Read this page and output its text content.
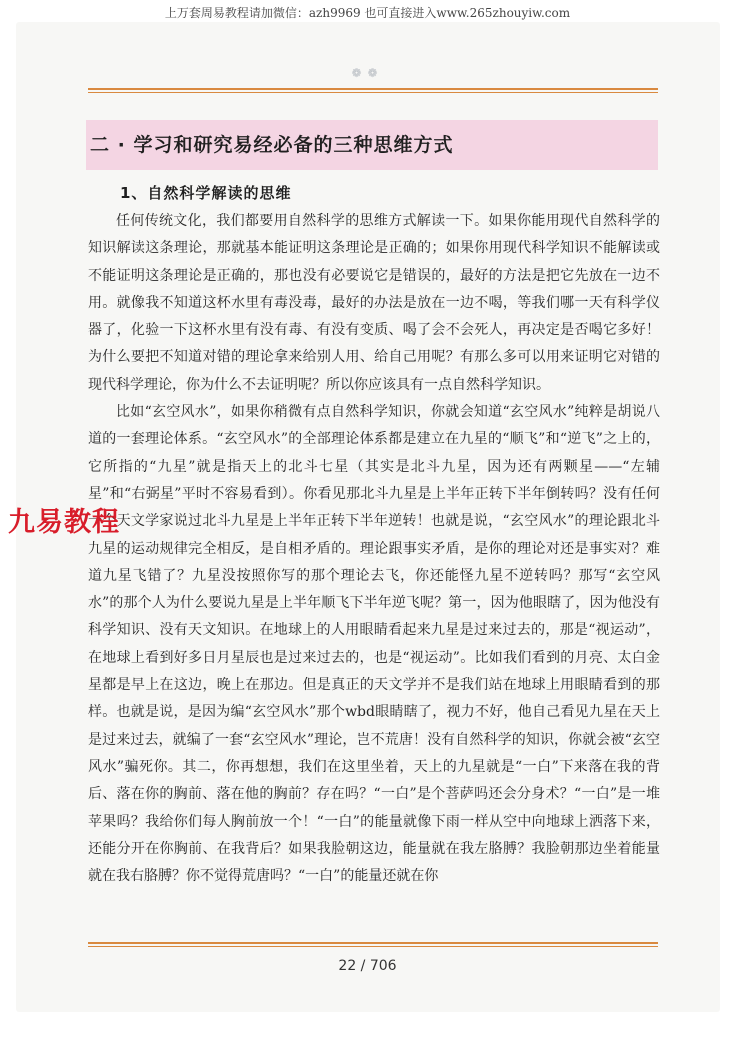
上万套周易教程请加微信：azh9969 也可直接进入www.265zhouyiw.com
❁❁
二 · 学习和研究易经必备的三种思维方式
1、自然科学解读的思维

任何传统文化，我们都要用自然科学的思维方式解读一下。如果你能用现代自然科学的知识解读这条理论，那就基本能证明这条理论是正确的；如果你用现代科学知识不能解读或不能证明这条理论是正确的，那也没有必要说它是错误的，最好的方法是把它先放在一边不用。就像我不知道这杯水里有毒没毒，最好的办法是放在一边不喝，等我们哪一天有科学仪器了，化验一下这杯水里有没有毒、有没有变质、喝了会不会死人，再决定是否喝它多好！为什么要把不知道对错的理论拿来给别人用、给自己用呢？有那么多可以用来证明它对错的现代科学理论，你为什么不去证明呢？所以你应该具有一点自然科学知识。

比如“玄空风水”，如果你稍微有点自然科学知识，你就会知道“玄空风水”纯粹是胡说八道的一套理论体系。“玄空风水”的全部理论体系都是建立在九星的“顺飞”和“逆飞”之上的，它所指的“九星”就是指天上的北斗七星（其实是北斗九星，因为还有两颗星——“左辅星”和“右弼星”平时不容易看到）。你看见那北斗九星是上半年正转下半年倒转吗？没有任何一个天文学家说过北斗九星是上半年正转下半年逆转！也就是说，“玄空风水”的理论跟北斗九星的运动规律完全相反，是自相矛盾的。理论跟事实矛盾，是你的理论对还是事实对？难道九星飞错了？九星没按照你写的那个理论去飞，你还能怪九星不逆转吗？那写“玄空风水”的那个人为什么要说九星是上半年顺飞下半年逆飞呢？第一，因为他眼瞎了，因为他没有科学知识、没有天文知识。在地球上的人用眼睛看起来九星是过来过去的，那是“视运动”，在地球上看到好多日月星辰也是过来过去的，也是“视运动”。比如我们看到的月亮、太白金星都是早上在这边，晚上在那边。但是真正的天文学并不是我们站在地球上用眼睛看到的那样。也就是说，是因为编“玄空风水”那个wbd眼睛瞎了，视力不好，他自己看见九星在天上是过来过去，就编了一套“玄空风水”理论，岂不荒唐！没有自然科学的知识，你就会被“玄空风水”骗死你。其二，你再想想，我们在这里坐着，天上的九星就是“一白”下来落在我的背后、落在你的胸前、落在他的胸前？存在吗？“一白”是个菩萨吗还会分身术？“一白”是一堆苹果吗？我给你们每人胸前放一个！“一白”的能量就像下雨一样从空中向地球上洒落下来，还能分开在你胸前、在我背后？如果我脸朝这边，能量就在我左胳膊？我脸朝那边坐着能量就在我右胳膊？你不觉得荒唐吗？“一白”的能量还就在你

九易教程
22 / 706
